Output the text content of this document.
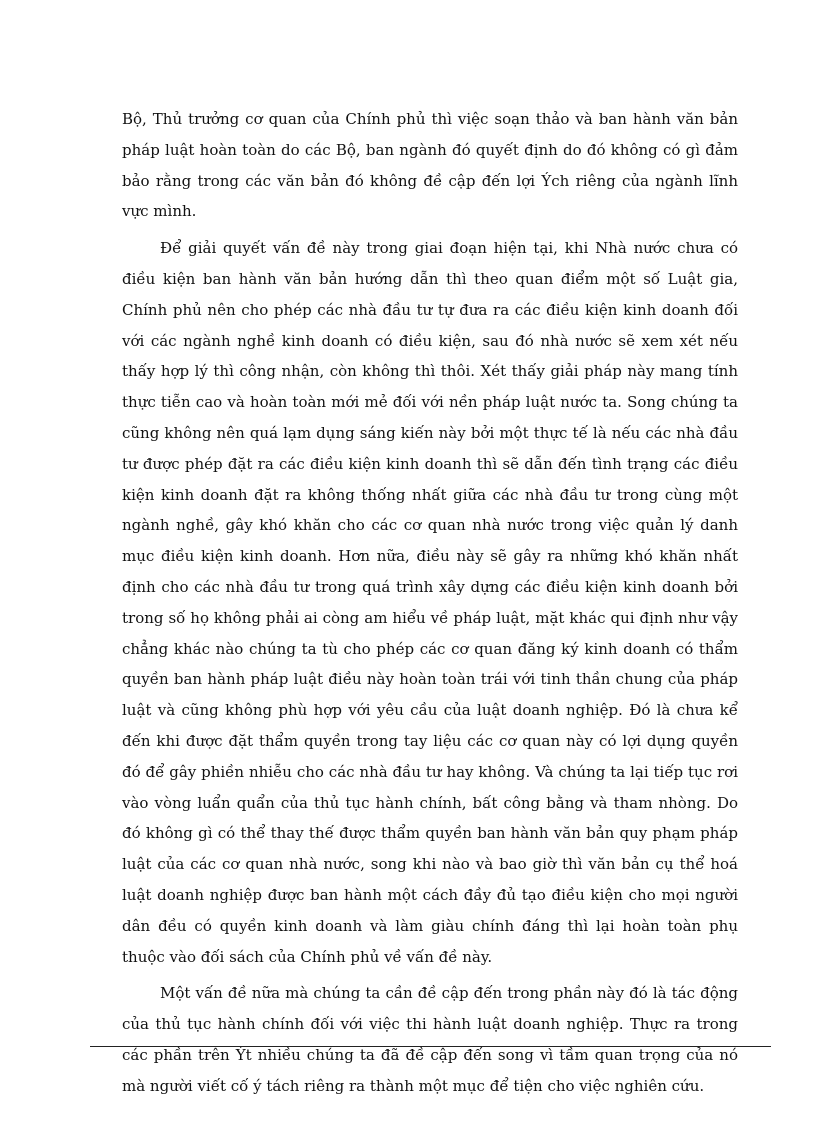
Bộ, Thủ trưởng cơ quan của Chính phủ thì việc soạn thảo và ban hành văn bản pháp luật hoàn toàn do các Bộ, ban ngành đó quyết định do đó không có gì đảm bảo rằng trong các văn bản đó không đề cập đến lợi Ých riêng của ngành lĩnh vực mình.

Để giải quyết vấn đề này trong giai đoạn hiện tại, khi Nhà nước chưa có điều kiện ban hành văn bản hướng dẫn thì theo quan điểm một số Luật gia, Chính phủ nên cho phép các nhà đầu tư tự đưa ra các điều kiện kinh doanh đối với các ngành nghề kinh doanh có điều kiện, sau đó nhà nước sẽ xem xét nếu thấy hợp lý thì công nhận, còn không thì thôi. Xét thấy giải pháp này mang tính thực tiễn cao và hoàn toàn mới mẻ đối với nền pháp luật nước ta. Song chúng ta cũng không nên quá lạm dụng sáng kiến này bởi một thực tế là nếu các nhà đầu tư được phép đặt ra các điều kiện kinh doanh thì sẽ dẫn đến tình trạng các điều kiện kinh doanh đặt ra không thống nhất giữa các nhà đầu tư trong cùng một ngành nghề, gây khó khăn cho các cơ quan nhà nước trong việc quản lý danh mục điều kiện kinh doanh. Hơn nữa, điều này sẽ gây ra những khó khăn nhất định cho các nhà đầu tư trong quá trình xây dựng các điều kiện kinh doanh bởi trong số họ không phải ai còng am hiểu về pháp luật, mặt khác qui định như vậy chẳng khác nào chúng ta tù cho phép các cơ quan đăng ký kinh doanh có thẩm quyền ban hành pháp luật điều này hoàn toàn trái với tinh thần chung của pháp luật và cũng không phù hợp với yêu cầu của luật doanh nghiệp. Đó là chưa kể đến khi được đặt thẩm quyền trong tay liệu các cơ quan này có lợi dụng quyền đó để gây phiền nhiễu cho các nhà đầu tư hay không. Và chúng ta lại tiếp tục rơi vào vòng luẩn quẩn của thủ tục hành chính, bất công bằng và tham nhòng. Do đó không gì có thể thay thế được thẩm quyền ban hành văn bản quy phạm pháp luật của các cơ quan nhà nước, song khi nào và bao giờ thì văn bản cụ thể hoá luật doanh nghiệp được ban hành một cách đầy đủ tạo điều kiện cho mọi người dân đều có quyền kinh doanh và làm giàu chính đáng thì lại hoàn toàn phụ thuộc vào đối sách của Chính phủ về vấn đề này.

Một vấn đề nữa mà chúng ta cần đề cập đến trong phần này đó là tác động của thủ tục hành chính đối với việc thi hành luật doanh nghiệp. Thực ra trong các phần trên Ýt nhiều chúng ta đã đề cập đến song vì tầm quan trọng của nó mà người viết cố ý tách riêng ra thành một mục để tiện cho việc nghiên cứu.
